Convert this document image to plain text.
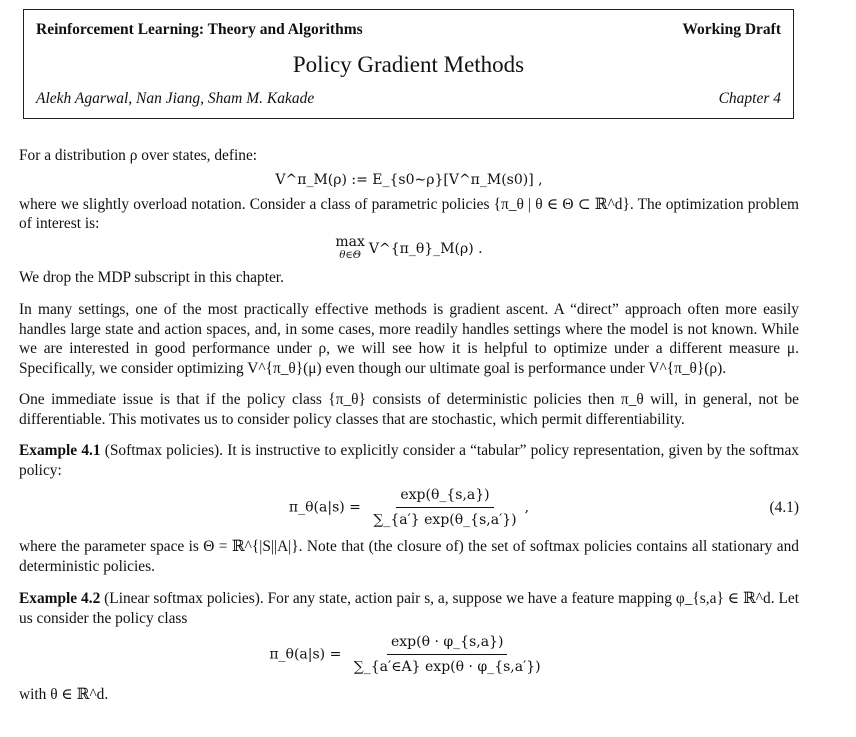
Reinforcement Learning: Theory and Algorithms	Working Draft
Policy Gradient Methods
Alekh Agarwal, Nan Jiang, Sham M. Kakade	Chapter 4

For a distribution ρ over states, define:

V^π_M(ρ) := E_{s0∼ρ}[V^π_M(s0)] ,

where we slightly overload notation. Consider a class of parametric policies {π_θ | θ ∈ Θ ⊂ ℝ^d}. The optimization problem of interest is:

max
θ∈Θ V^{π_θ}_M(ρ) .

We drop the MDP subscript in this chapter.

In many settings, one of the most practically effective methods is gradient ascent. A “direct” approach often more easily handles large state and action spaces, and, in some cases, more readily handles settings where the model is not known. While we are interested in good performance under ρ, we will see how it is helpful to optimize under a different measure μ. Specifically, we consider optimizing V^{π_θ}(μ) even though our ultimate goal is performance under V^{π_θ}(ρ).

One immediate issue is that if the policy class {π_θ} consists of deterministic policies then π_θ will, in general, not be differentiable. This motivates us to consider policy classes that are stochastic, which permit differentiability.

Example 4.1 (Softmax policies). It is instructive to explicitly consider a “tabular” policy representation, given by the softmax policy:

π_θ(a|s) = $\frac{\exp(\theta\_\{s,a\})}{\sum\_\{a'\} \exp(\theta\_\{s,a'\})}$ ,	(4.1)

where the parameter space is Θ = ℝ^{|S||A|}. Note that (the closure of) the set of softmax policies contains all stationary and deterministic policies.

Example 4.2 (Linear softmax policies). For any state, action pair s, a, suppose we have a feature mapping φ_{s,a} ∈ ℝ^d. Let us consider the policy class

π_θ(a|s) = $\frac{\exp(\theta \cdot \varphi\_\{s,a\})}{\sum\_\{a'\in A\} \exp(\theta \cdot \varphi\_\{s,a'\})}$

with θ ∈ ℝ^d.
